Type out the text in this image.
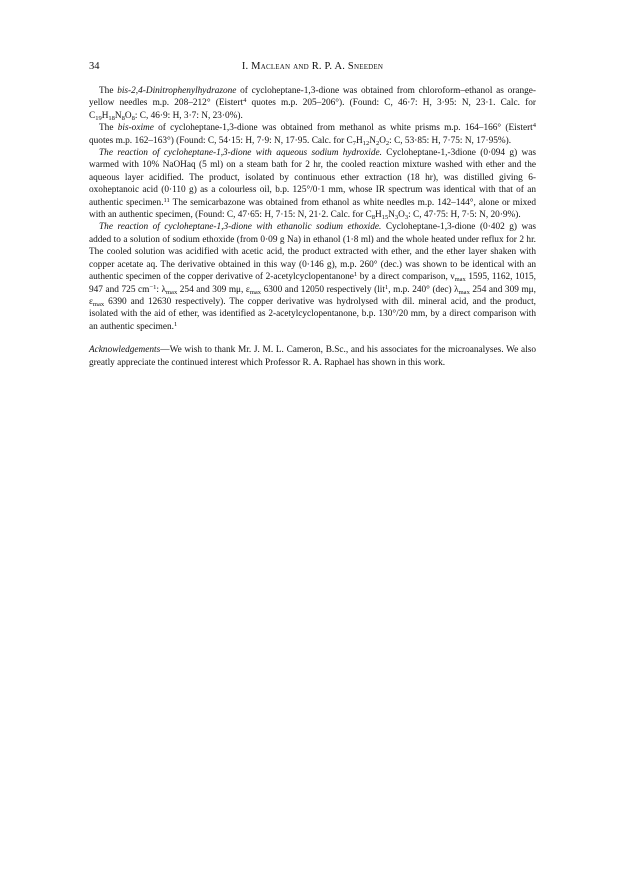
34	I. Maclean and R. P. A. Sneeden

The bis-2,4-Dinitrophenylhydrazone of cycloheptane-1,3-dione was obtained from chloroform–ethanol as orange-yellow needles m.p. 208–212° (Eistert$^4$ quotes m.p. 205–206°). (Found: C, 46·7: H, 3·95: N, 23·1. Calc. for $C_{19}H_{18}N_8O_8$: C, 46·9: H, 3·7: N, 23·0%).

The bis-oxime of cycloheptane-1,3-dione was obtained from methanol as white prisms m.p. 164–166° (Eistert$^4$ quotes m.p. 162–163°) (Found: C, 54·15: H, 7·9: N, 17·95. Calc. for $C_7H_{12}N_2O_2$: C, 53·85: H, 7·75: N, 17·95%).

The reaction of cycloheptane-1,3-dione with aqueous sodium hydroxide. Cycloheptane-1,-3dione (0·094 g) was warmed with 10% NaOHaq (5 ml) on a steam bath for 2 hr, the cooled reaction mixture washed with ether and the aqueous layer acidified. The product, isolated by continuous ether extraction (18 hr), was distilled giving 6-oxoheptanoic acid (0·110 g) as a colourless oil, b.p. 125°/0·1 mm, whose IR spectrum was identical with that of an authentic specimen.$^{11}$ The semicarbazone was obtained from ethanol as white needles m.p. 142–144°, alone or mixed with an authentic specimen, (Found: C, 47·65: H, 7·15: N, 21·2. Calc. for $C_8H_{15}N_3O_3$: C, 47·75: H, 7·5: N, 20·9%).

The reaction of cycloheptane-1,3-dione with ethanolic sodium ethoxide. Cycloheptane-1,3-dione (0·402 g) was added to a solution of sodium ethoxide (from 0·09 g Na) in ethanol (1·8 ml) and the whole heated under reflux for 2 hr. The cooled solution was acidified with acetic acid, the product extracted with ether, and the ether layer shaken with copper acetate aq. The derivative obtained in this way (0·146 g), m.p. 260° (dec.) was shown to be identical with an authentic specimen of the copper derivative of 2-acetylcyclopentanone$^1$ by a direct comparison, $\nu_{max}$ 1595, 1162, 1015, 947 and 725 $cm^{-1}$: $\lambda_{max}$ 254 and 309 mμ, $\varepsilon_{max}$ 6300 and 12050 respectively (lit$^1$, m.p. 240° (dec) $\lambda_{max}$ 254 and 309 mμ, $\varepsilon_{max}$ 6390 and 12630 respectively). The copper derivative was hydrolysed with dil. mineral acid, and the product, isolated with the aid of ether, was identified as 2-acetylcyclopentanone, b.p. 130°/20 mm, by a direct comparison with an authentic specimen.$^1$

Acknowledgements—We wish to thank Mr. J. M. L. Cameron, B.Sc., and his associates for the microanalyses. We also greatly appreciate the continued interest which Professor R. A. Raphael has shown in this work.
